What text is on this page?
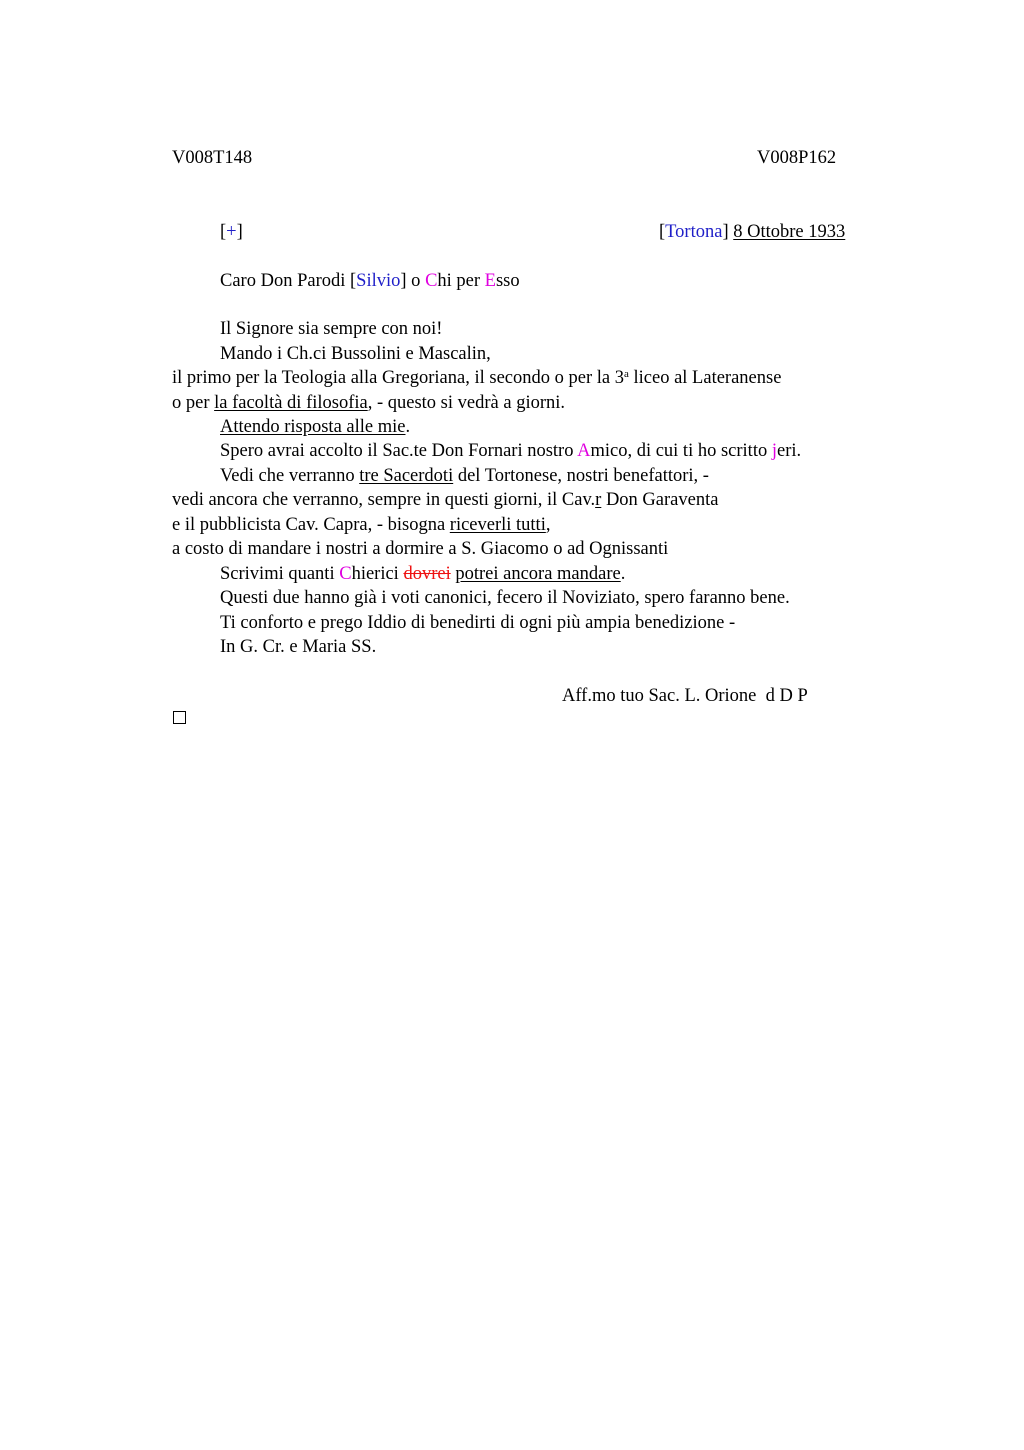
V008T148	V008P162
[+]	[Tortona] 8 Ottobre 1933
Caro Don Parodi [Silvio] o Chi per Esso
Il Signore sia sempre con noi!
Mando i Ch.ci Bussolini e Mascalin,
il primo per la Teologia alla Gregoriana, il secondo o per la 3$^a$ liceo al Lateranense
o per la facoltà di filosofia, - questo si vedrà a giorni.
Attendo risposta alle mie.
Spero avrai accolto il Sac.te Don Fornari nostro Amico, di cui ti ho scritto jeri.
Vedi che verranno tre Sacerdoti del Tortonese, nostri benefattori, -
vedi ancora che verranno, sempre in questi giorni, il Cav.r Don Garaventa
e il pubblicista Cav. Capra, - bisogna riceverli tutti,
a costo di mandare i nostri a dormire a S. Giacomo o ad Ognissanti
Scrivimi quanti Chierici dovrei potrei ancora mandare.
Questi due hanno già i voti canonici, fecero il Noviziato, spero faranno bene.
Ti conforto e prego Iddio di benedirti di ogni più ampia benedizione -
In G. Cr. e Maria SS.
Aff.mo tuo Sac. L. Orione  d D P
